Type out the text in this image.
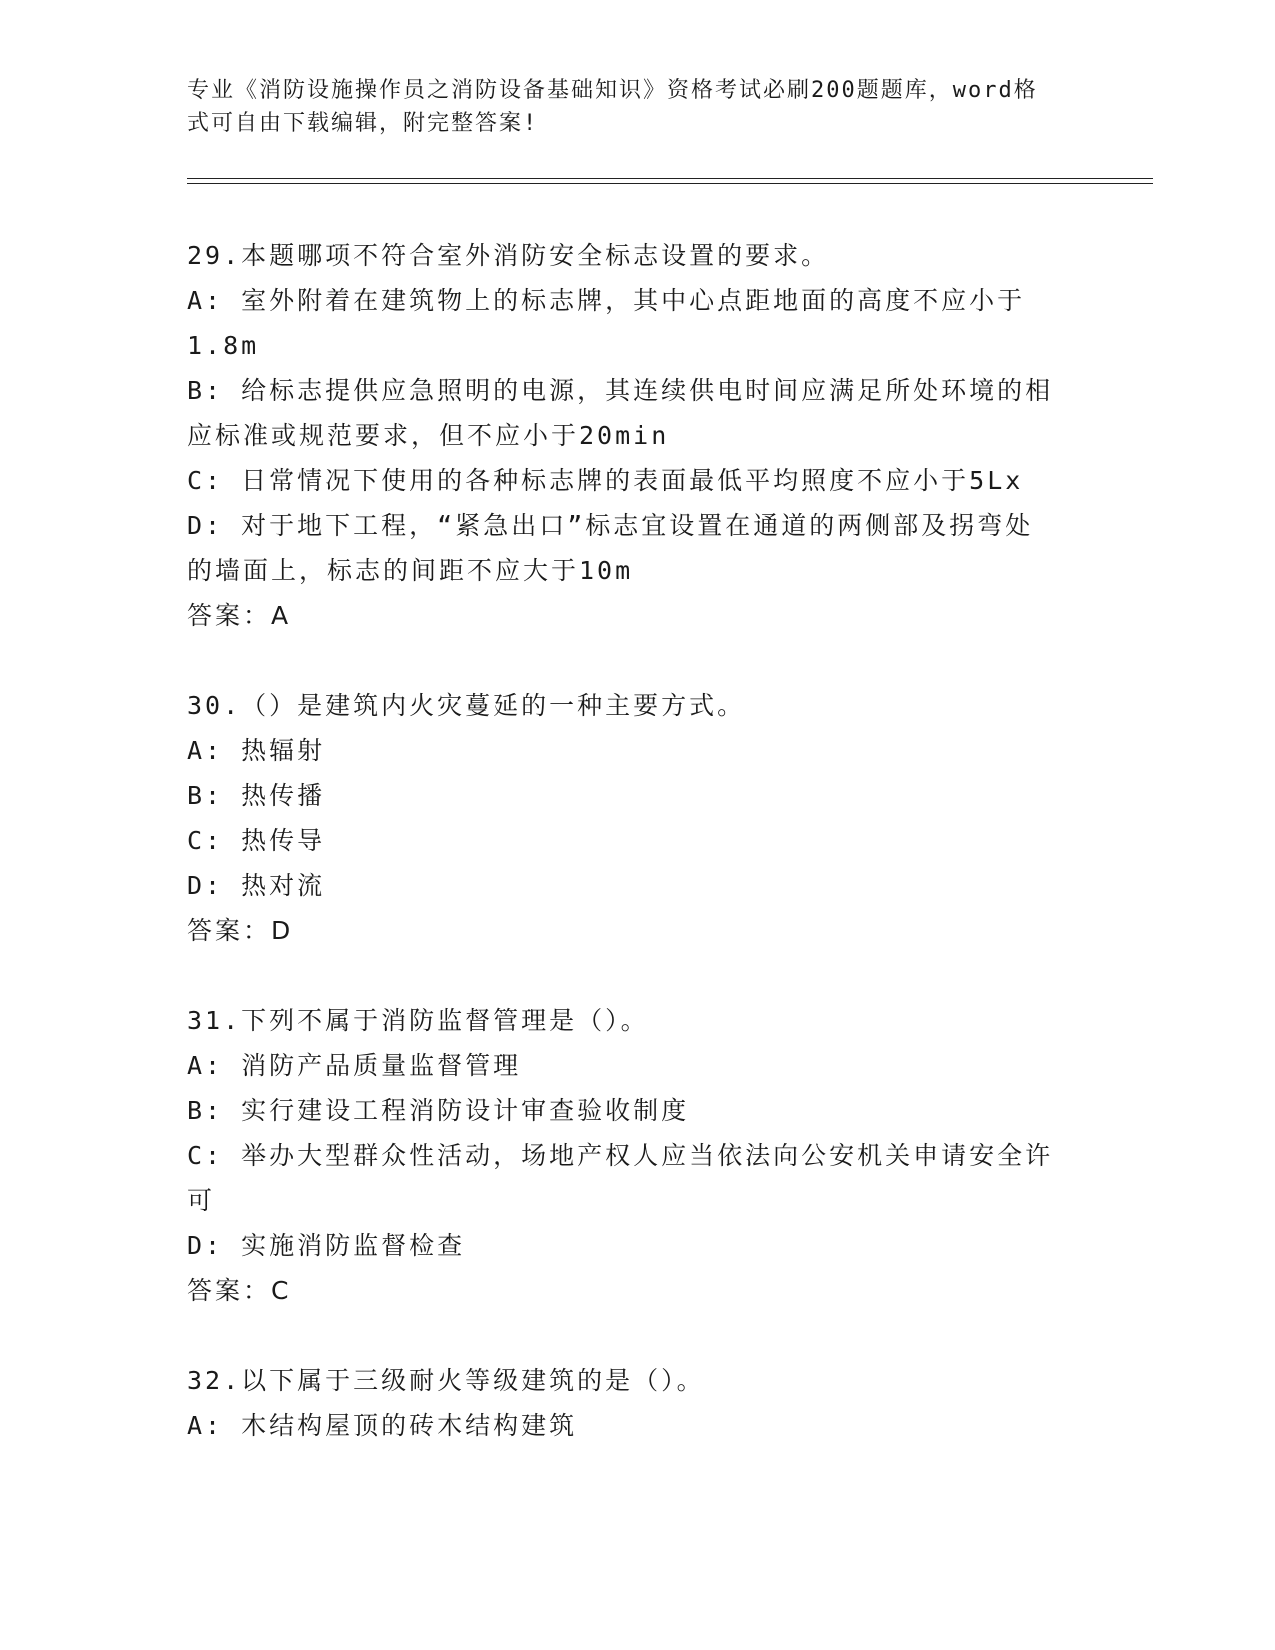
专业《消防设施操作员之消防设备基础知识》资格考试必刷200题题库，word格
式可自由下载编辑，附完整答案!
29.本题哪项不符合室外消防安全标志设置的要求。
A: 室外附着在建筑物上的标志牌，其中心点距地面的高度不应小于
1.8m
B: 给标志提供应急照明的电源，其连续供电时间应满足所处环境的相
应标准或规范要求，但不应小于20min
C: 日常情况下使用的各种标志牌的表面最低平均照度不应小于5Lx
D: 对于地下工程，“紧急出口”标志宜设置在通道的两侧部及拐弯处
的墙面上，标志的间距不应大于10m
答案：A
30.（）是建筑内火灾蔓延的一种主要方式。
A: 热辐射
B: 热传播
C: 热传导
D: 热对流
答案：D
31.下列不属于消防监督管理是（）。
A: 消防产品质量监督管理
B: 实行建设工程消防设计审查验收制度
C: 举办大型群众性活动，场地产权人应当依法向公安机关申请安全许
可
D: 实施消防监督检查
答案：C
32.以下属于三级耐火等级建筑的是（）。
A: 木结构屋顶的砖木结构建筑
